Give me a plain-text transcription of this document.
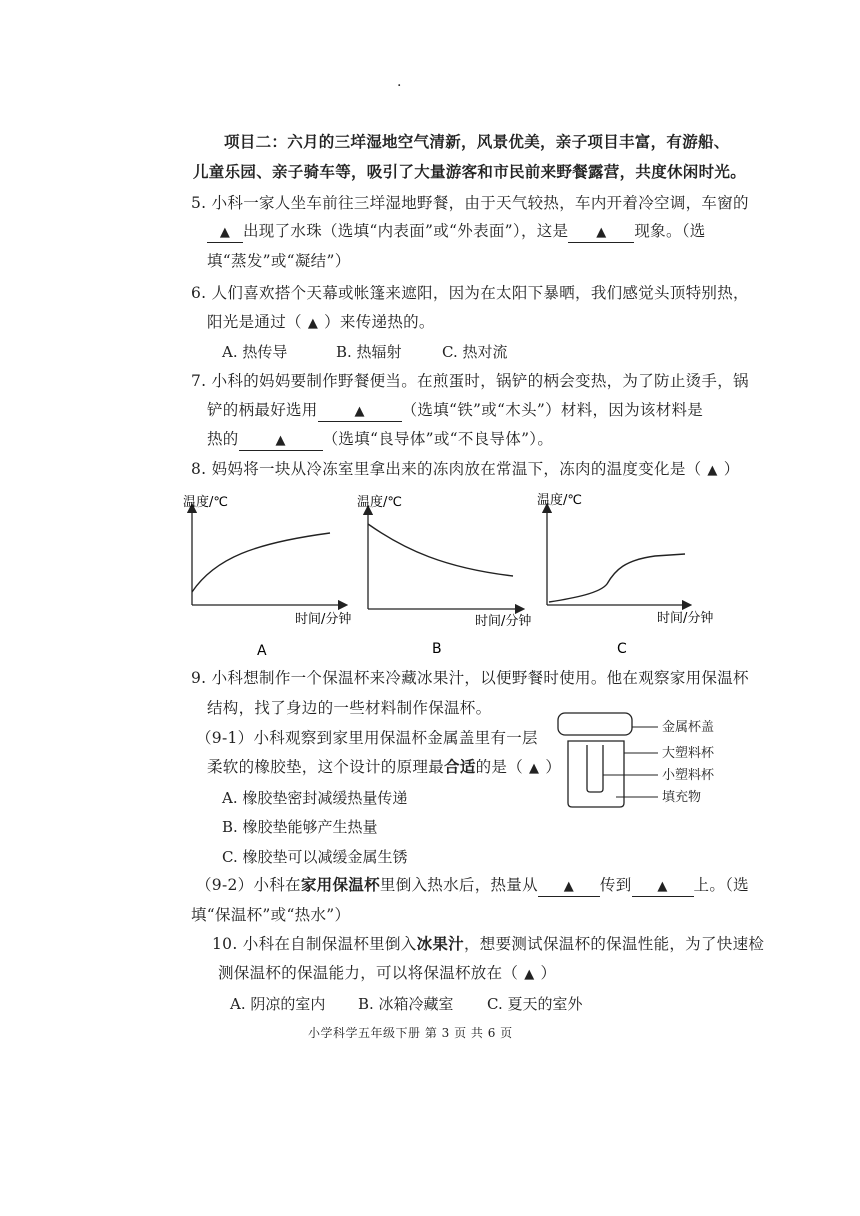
·
项目二：六月的三垟湿地空气清新，风景优美，亲子项目丰富，有游船、
儿童乐园、亲子骑车等，吸引了大量游客和市民前来野餐露营，共度休闲时光。
5. 小科一家人坐车前往三垟湿地野餐，由于天气较热，车内开着冷空调，车窗的
▲ 出现了水珠（选填“内表面”或“外表面”），这是 ▲ 现象。（选
填“蒸发”或“凝结”）
6. 人们喜欢搭个天幕或帐篷来遮阳，因为在太阳下暴晒，我们感觉头顶特别热，
阳光是通过（ ▲ ）来传递热的。
A. 热传导	B. 热辐射	C. 热对流
7. 小科的妈妈要制作野餐便当。在煎蛋时，锅铲的柄会变热，为了防止烫手，锅
铲的柄最好选用	▲ （选填“铁”或“木头”）材料，因为该材料是
热的	▲ （选填“良导体”或“不良导体”）。
8. 妈妈将一块从冷冻室里拿出来的冻肉放在常温下，冻肉的温度变化是（ ▲ ）
温度/℃
时间/分钟
A
温度/℃
时间/分钟
B
温度/℃
时间/分钟
C
9. 小科想制作一个保温杯来冷藏冰果汁，以便野餐时使用。他在观察家用保温杯
结构，找了身边的一些材料制作保温杯。
（9-1）小科观察到家里用保温杯金属盖里有一层
柔软的橡胶垫，这个设计的原理最合适的是（ ▲ ）
A. 橡胶垫密封减缓热量传递
B. 橡胶垫能够产生热量
C. 橡胶垫可以减缓金属生锈
金属杯盖
大塑料杯
小塑料杯
填充物
（9-2）小科在家用保温杯里倒入热水后，热量从 ▲ 传到 ▲ 上。（选
填“保温杯”或“热水”）
10. 小科在自制保温杯里倒入冰果汁，想要测试保温杯的保温性能，为了快速检
测保温杯的保温能力，可以将保温杯放在（ ▲ ）
A. 阴凉的室内 B. 冰箱冷藏室 C. 夏天的室外
小学科学五年级下册 第 3 页 共 6 页
